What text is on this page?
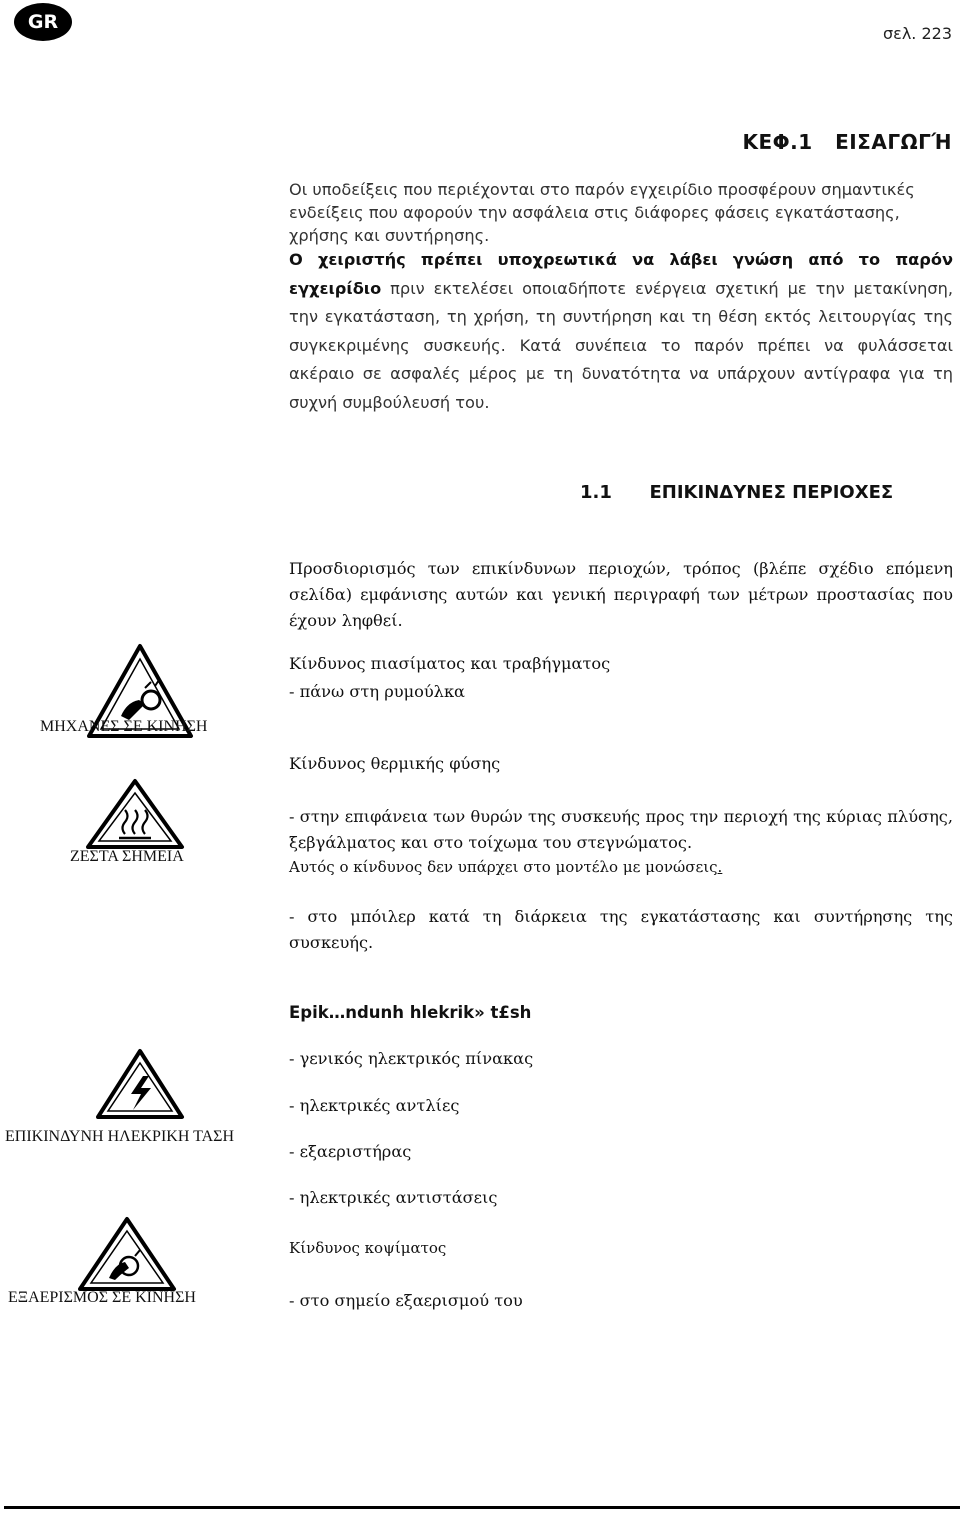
GR
σελ. 223
ΚΕΦ.1 ΕΙΣΑΓΩΓΉ
Οι υποδείξεις που περιέχονται στο παρόν εγχειρίδιο προσφέρουν σημαντικές ενδείξεις που αφορούν την ασφάλεια στις διάφορες φάσεις εγκατάστασης, χρήσης και συντήρησης.
Ο χειριστής πρέπει υποχρεωτικά να λάβει γνώση από το παρόν εγχειρίδιο πριν εκτελέσει οποιαδήποτε ενέργεια σχετική με την μετακίνηση, την εγκατάσταση, τη χρήση, τη συντήρηση και τη θέση εκτός λειτουργίας της συγκεκριμένης συσκευής. Κατά συνέπεια το παρόν πρέπει να φυλάσσεται ακέραιο σε ασφαλές μέρος με τη δυνατότητα να υπάρχουν αντίγραφα για τη συχνή συμβούλευσή του.
1.1 ΕΠΙΚΙΝΔΥΝΕΣ ΠΕΡΙΟΧΕΣ
Προσδιορισμός των επικίνδυνων περιοχών, τρόπος (βλέπε σχέδιο επόμενη σελίδα) εμφάνισης αυτών και γενική περιγραφή των μέτρων προστασίας που έχουν ληφθεί.
Κίνδυνος πιασίματος και τραβήγματος
- πάνω στη ρυμούλκα
Κίνδυνος θερμικής φύσης
- στην επιφάνεια των θυρών της συσκευής προς την περιοχή της κύριας πλύσης, ξεβγάλματος και στο τοίχωμα του στεγνώματος.
Αυτός ο κίνδυνος δεν υπάρχει στο μοντέλο με μονώσεις.
- στο μπόιλερ κατά τη διάρκεια της εγκατάστασης και συντήρησης της συσκευής.
Epik…ndunh hlekrik» t£sh
- γενικός ηλεκτρικός πίνακας
- ηλεκτρικές αντλίες
- εξαεριστήρας
- ηλεκτρικές αντιστάσεις
Κίνδυνος κοψίματος
- στο σημείο εξαερισμού του
ΜΗΧΑΝΕΣ ΣΕ ΚΙΝΗΣΗ
ΖΕΣΤΑ ΣΗΜΕΙΑ
ΕΠΙΚΙΝΔΥΝΗ ΗΛΕΚΡΙΚΗ ΤΑΣΗ
ΕΞΑΕΡΙΣΜΟΣ ΣΕ ΚΙΝΗΣΗ
